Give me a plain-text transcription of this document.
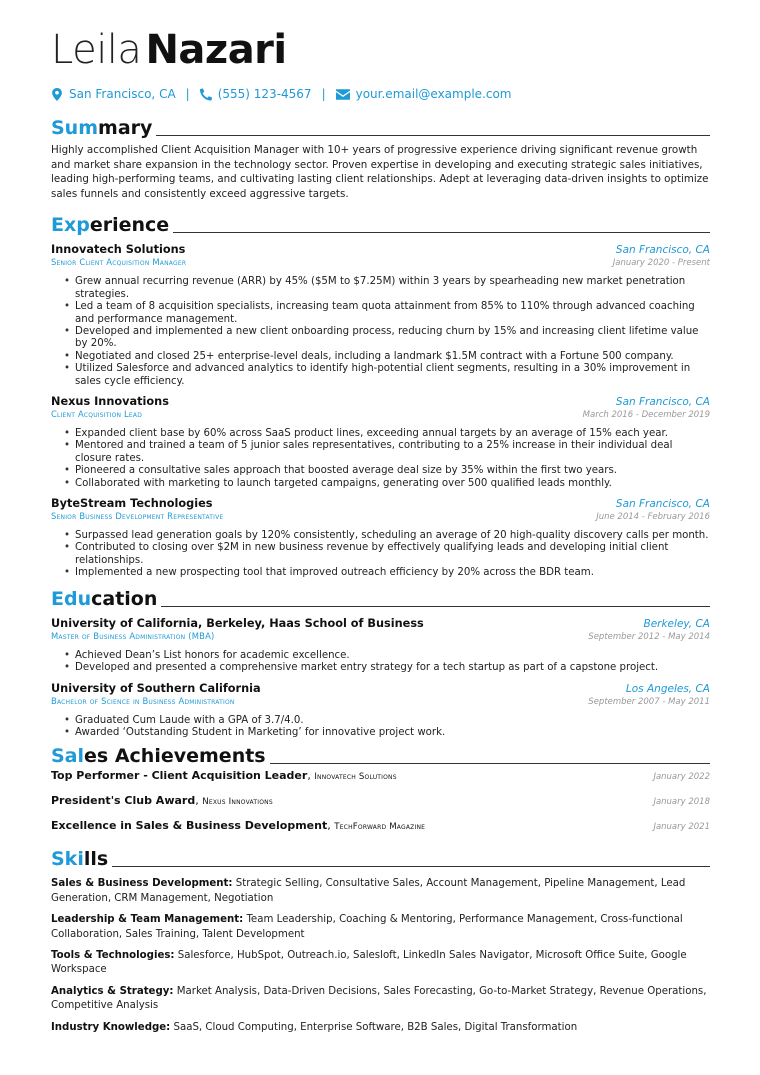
Leila Nazari
San Francisco, CA | (555) 123-4567 |	your.email@example.com
Summary

Highly accomplished Client Acquisition Manager with 10+ years of progressive experience driving significant revenue growth and market share expansion in the technology sector. Proven expertise in developing and executing strategic sales initiatives, leading high-performing teams, and cultivating lasting client relationships. Adept at leveraging data-driven insights to optimize sales funnels and consistently exceed aggressive targets.

Experience
Innovatech Solutions	San Francisco, CA
Senior Client Acquisition Manager	January 2020 - Present
• Grew annual recurring revenue (ARR) by 45% ($5M to $7.25M) within 3 years by spearheading new market penetration strategies.
• Led a team of 8 acquisition specialists, increasing team quota attainment from 85% to 110% through advanced coaching and performance management.
• Developed and implemented a new client onboarding process, reducing churn by 15% and increasing client lifetime value by 20%.
• Negotiated and closed 25+ enterprise-level deals, including a landmark $1.5M contract with a Fortune 500 company.
• Utilized Salesforce and advanced analytics to identify high-potential client segments, resulting in a 30% improvement in sales cycle efficiency.
Nexus Innovations	San Francisco, CA
Client Acquisition Lead	March 2016 - December 2019
• Expanded client base by 60% across SaaS product lines, exceeding annual targets by an average of 15% each year.
• Mentored and trained a team of 5 junior sales representatives, contributing to a 25% increase in their individual deal closure rates.
• Pioneered a consultative sales approach that boosted average deal size by 35% within the first two years.
• Collaborated with marketing to launch targeted campaigns, generating over 500 qualified leads monthly.
ByteStream Technologies	San Francisco, CA
Senior Business Development Representative	June 2014 - February 2016
• Surpassed lead generation goals by 120% consistently, scheduling an average of 20 high-quality discovery calls per month.
• Contributed to closing over $2M in new business revenue by effectively qualifying leads and developing initial client relationships.
• Implemented a new prospecting tool that improved outreach efficiency by 20% across the BDR team.
Education
University of California, Berkeley, Haas School of Business	Berkeley, CA
Master of Business Administration (MBA)	September 2012 - May 2014
• Achieved Dean’s List honors for academic excellence.
• Developed and presented a comprehensive market entry strategy for a tech startup as part of a capstone project.
University of Southern California	Los Angeles, CA
Bachelor of Science in Business Administration	September 2007 - May 2011
• Graduated Cum Laude with a GPA of 3.7/4.0.
• Awarded ‘Outstanding Student in Marketing’ for innovative project work.
Sales Achievements
Top Performer - Client Acquisition Leader, Innovatech Solutions	January 2022
President's Club Award, Nexus Innovations	January 2018
Excellence in Sales & Business Development, TechForward Magazine	January 2021
Skills
Sales & Business Development: Strategic Selling, Consultative Sales, Account Management, Pipeline Management, Lead Generation, CRM Management, Negotiation
Leadership & Team Management: Team Leadership, Coaching & Mentoring, Performance Management, Cross-functional Collaboration, Sales Training, Talent Development
Tools & Technologies: Salesforce, HubSpot, Outreach.io, Salesloft, LinkedIn Sales Navigator, Microsoft Office Suite, Google Workspace
Analytics & Strategy: Market Analysis, Data-Driven Decisions, Sales Forecasting, Go-to-Market Strategy, Revenue Operations, Competitive Analysis
Industry Knowledge: SaaS, Cloud Computing, Enterprise Software, B2B Sales, Digital Transformation
